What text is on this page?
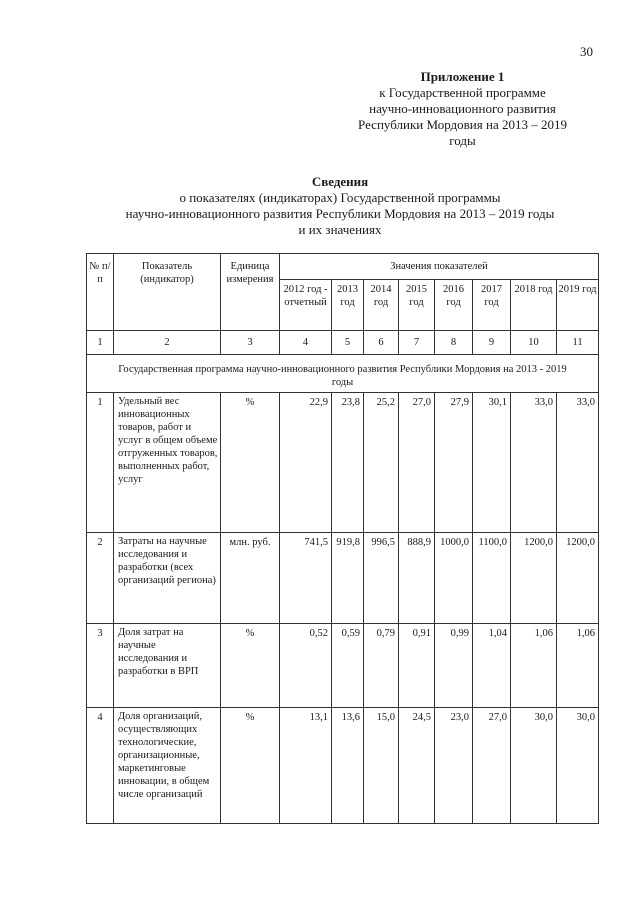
30
Приложение 1
к Государственной программе
научно-инновационного развития
Республики Мордовия на 2013 – 2019
годы
Сведения
о показателях (индикаторах) Государственной программы
научно-инновационного развития Республики Мордовия на 2013 – 2019 годы
и их значениях
№ п/п	Показатель (индикатор)	Единица измерения	Значения показателей							
			2012 год - отчетный	2013 год	2014 год	2015 год	2016 год	2017 год	2018 год	2019 год
1	2	3	4	5	6	7	8	9	10	11
Государственная программа научно-инновационного развития Республики Мордовия на 2013 - 2019 годы										
1	Удельный вес инновационных товаров, работ и услуг в общем объеме отгруженных товаров, выполненных работ, услуг	%	22,9	23,8	25,2	27,0	27,9	30,1	33,0	33,0
2	Затраты на научные исследования и разработки (всех организаций региона)	млн. руб.	741,5	919,8	996,5	888,9	1000,0	1100,0	1200,0	1200,0
3	Доля затрат на научные исследования и разработки в ВРП	%	0,52	0,59	0,79	0,91	0,99	1,04	1,06	1,06
4	Доля организаций, осуществляющих технологические, организационные, маркетинговые инновации, в общем числе организаций	%	13,1	13,6	15,0	24,5	23,0	27,0	30,0	30,0
